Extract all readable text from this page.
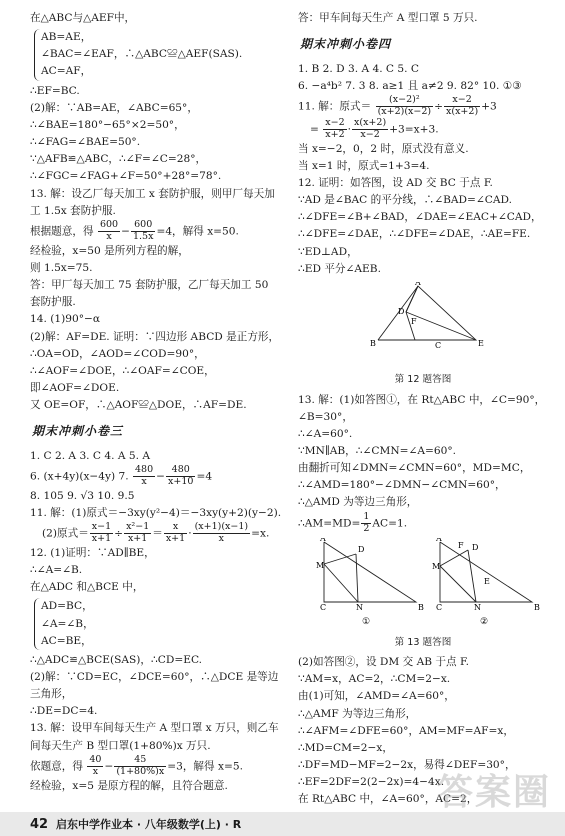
在△ABC与△AEF中，
AB=AE，
∠BAC=∠EAF，∴△ABC≌△AEF(SAS).
AC=AF，
∴EF=BC.
(2)解：∵AB=AE，∠ABC=65°，
∴∠BAE=180°−65°×2=50°，
∴∠FAG=∠BAE=50°.
∵△AFB≌△ABC，∴∠F=∠C=28°，
∴∠FGC=∠FAG+∠F=50°+28°=78°.
13. 解：设乙厂每天加工 x 套防护服，则甲厂每天加工 1.5x 套防护服.
根据题意，得 $\frac{600}{x} - \frac{600}{1.5x} =4$，解得 x=50.
经检验，x=50 是所列方程的解，
则 1.5x=75.
答：甲厂每天加工 75 套防护服，乙厂每天加工 50 套防护服.
14. (1)90°−α
(2)解：AF=DE. 证明：∵四边形 ABCD 是正方形，
∴OA=OD，∠AOD=∠COD=90°，
∴∠AOF=∠DOE，∴∠OAF=∠COE，
即∠AOF=∠DOE.
又 OE=OF，∴△AOF≌△DOE，∴AF=DE.
期末冲刺小卷三
1. C 2. A 3. C 4. A 5. A
6. (x+4y)(x−4y) 7. $\frac{480}{x} - \frac{480}{x+10} =4$
8. 105 9. √3 10. 9.5
11. 解：(1)原式＝−3xy(y²−4)＝−3xy(y+2)(y−2).
(2)原式＝ $\frac{x-1}{x+1} \div \frac{\text{x²−1}}{x+1} = \frac{x}{x+1} \cdot \frac{(x+1)(x-1)}{x} =x$.
12. (1)证明：∵AD∥BE，
∴∠A=∠B.
在△ADC 和△BCE 中，
AD=BC，
∠A=∠B，
AC=BE，
∴△ADC≌△BCE(SAS)，∴CD=EC.
(2)解：∵CD=EC，∠DCE=60°，∴△DCE 是等边三角形，
∴DE=DC=4.
13. 解：设甲车间每天生产 A 型口罩 x 万只，则乙车间每天生产 B 型口罩(1+80%)x 万只.
依题意，得 $\frac{40}{x} - \frac{45}{(1+80\%)x} =3$，解得 x=5.
经检验，x=5 是原方程的解，且符合题意.
答：甲车间每天生产 A 型口罩 5 万只.
期末冲刺小卷四
1. B 2. D 3. A 4. C 5. C
6. −a⁴b² 7. 3 8. a≥1 且 a≠2 9. 82° 10. ①③
11. 解：原式＝ $\frac{\text{(x−2)²}}{(x+2)(x-2)} \div \frac{x-2}{x(x+2)} +3$
= $\frac{x-2}{x+2} \cdot \frac{x(x+2)}{x-2} +3=x+3$.
当 x=−2，0，2 时，原式没有意义.
当 x=1 时，原式=1+3=4.
12. 证明：如答图，设 AD 交 BC 于点 F.
∵AD 是∠BAC 的平分线，∴∠BAD=∠CAD.
∴∠DFE=∠B+∠BAD，∠DAE=∠EAC+∠CAD，
∴∠DFE=∠DAE，∴∠DFE=∠DAE，∴AE=FE.
∵ED⊥AD，
∴ED 平分∠AEB.
A
B	C
D
E
F
第 12 题答图
13. 解：(1)如答图①，在 Rt△ABC 中，∠C=90°，∠B=30°，
∴∠A=60°.
∵MN∥AB，∴∠CMN=∠A=60°.
由翻折可知∠DMN=∠CMN=60°，MD=MC，
∴∠AMD=180°−∠DMN−∠CMN=60°，
∴△AMD 为等边三角形，
∴AM=MD= $\frac{1}{2} AC=1$.
A
M
D
C	N	B
A
M
F D
E
C	N	B
①	②
第 13 题答图
(2)如答图②，设 DM 交 AB 于点 F.
∵AM=x，AC=2，∴CM=2−x.
由(1)可知，∠AMD=∠A=60°，
∴△AMF 为等边三角形，
∴∠AFM=∠DFE=60°，AM=MF=AF=x，
∴MD=CM=2−x，
∴DF=MD−MF=2−2x，易得∠DEF=30°，
∴EF=2DF=2(2−2x)=4−4x.
在 Rt△ABC 中，∠A=60°，AC=2，
42 启东中学作业本 · 八年级数学(上) · R
答案圈
